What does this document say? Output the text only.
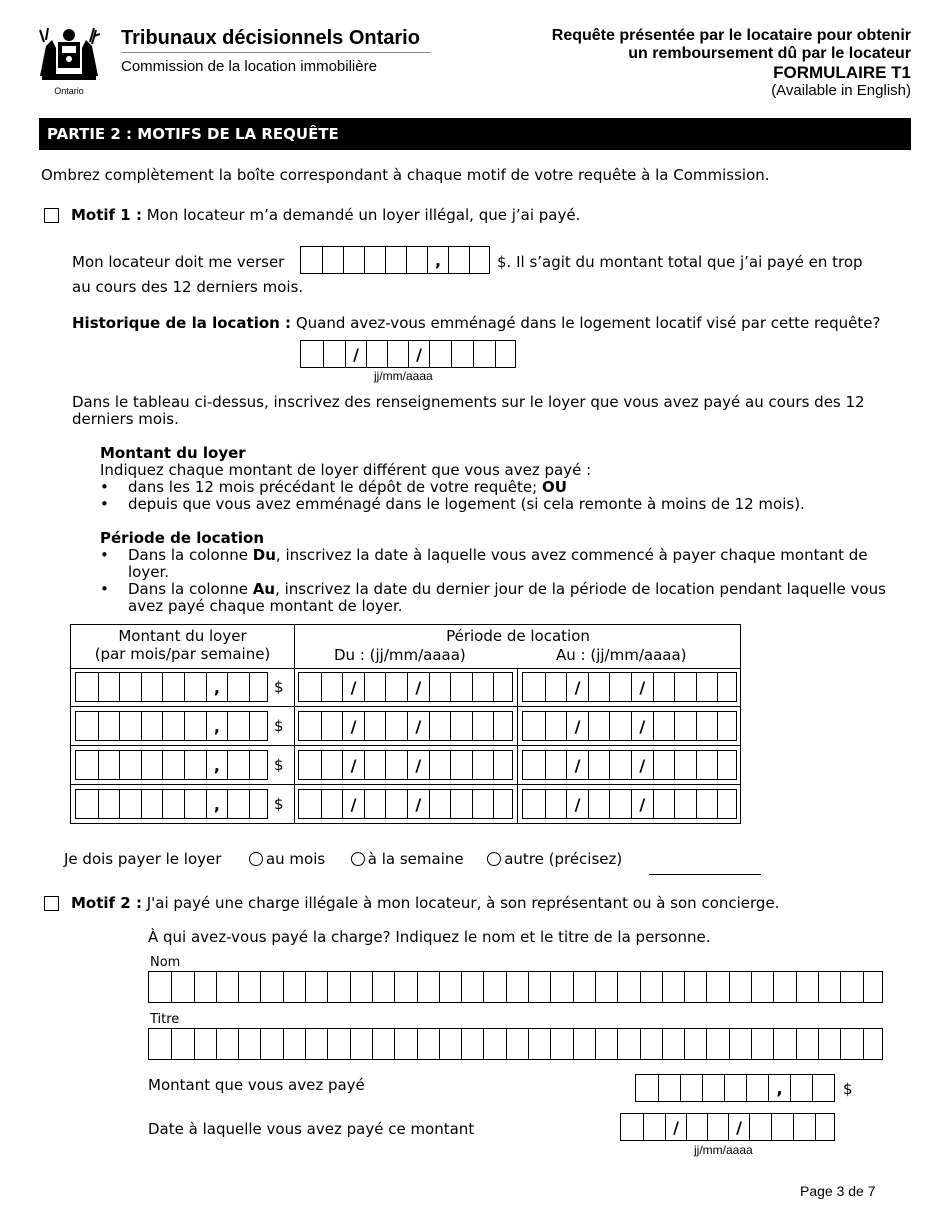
Ontario
Tribunaux décisionnels Ontario
Commission de la location immobilière
Requête présentée par le locataire pour obtenir
un remboursement dû par le locateur
FORMULAIRE T1
(Available in English)
PARTIE 2 : MOTIFS DE LA REQUÊTE
Ombrez complètement la boîte correspondant à chaque motif de votre requête à la Commission.
Motif 1 : Mon locateur m’a demandé un loyer illégal, que j’ai payé.
Mon locateur doit me verser	,	$. Il s’agit du montant total que j’ai payé en trop
au cours des 12 derniers mois.
Historique de la location : Quand avez-vous emménagé dans le logement locatif visé par cette requête?
/	/
jj/mm/aaaa
Dans le tableau ci-dessus, inscrivez des renseignements sur le loyer que vous avez payé au cours des 12 derniers mois.
Montant du loyer
Indiquez chaque montant de loyer différent que vous avez payé :
•	dans les 12 mois précédant le dépôt de votre requête; OU
•	depuis que vous avez emménagé dans le logement (si cela remonte à moins de 12 mois).
Période de location
•	Dans la colonne Du, inscrivez la date à laquelle vous avez commencé à payer chaque montant de loyer.
•	Dans la colonne Au, inscrivez la date du dernier jour de la période de location pendant laquelle vous avez payé chaque montant de loyer.
Montant du loyer
(par mois/par semaine)
Période de location
Du : (jj/mm/aaaa)	Au : (jj/mm/aaaa)
,	$	/	/	/	/
,	$	/	/	/	/
,	$	/	/	/	/
,	$	/	/	/	/
Je dois payer le loyer	au mois	à la semaine	autre (précisez)
Motif 2 : J'ai payé une charge illégale à mon locateur, à son représentant ou à son concierge.
À qui avez-vous payé la charge? Indiquez le nom et le titre de la personne.
Nom
Titre
Montant que vous avez payé	,	$
Date à laquelle vous avez payé ce montant	/	/
jj/mm/aaaa
Page 3 de 7
